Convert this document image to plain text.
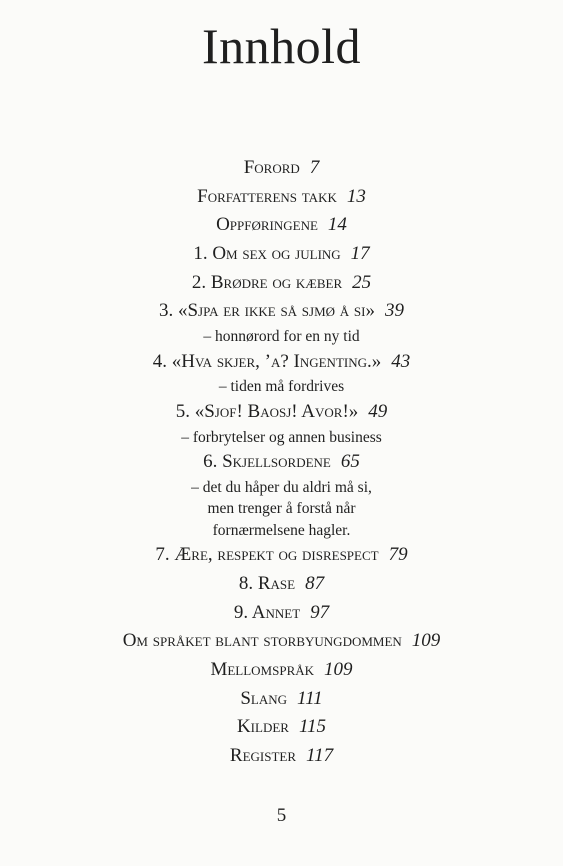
Innhold
Forord 7
Forfatterens takk 13
Oppføringene 14
1. Om sex og juling 17
2. Brødre og kæber 25
3. «Sjpa er ikke så sjmø å si» 39
– honnørord for en ny tid
4. «Hva skjer, ’a? Ingenting.» 43
– tiden må fordrives
5. «Sjof! Baosj! Avor!» 49
– forbrytelser og annen business
6. Skjellsordene 65
– det du håper du aldri må si,
men trenger å forstå når
fornærmelsene hagler.
7. Ære, respekt og disrespect 79
8. Rase 87
9. Annet 97
Om språket blant storbyungdommen 109
Mellomspråk 109
Slang 111
Kilder 115
Register 117
5
